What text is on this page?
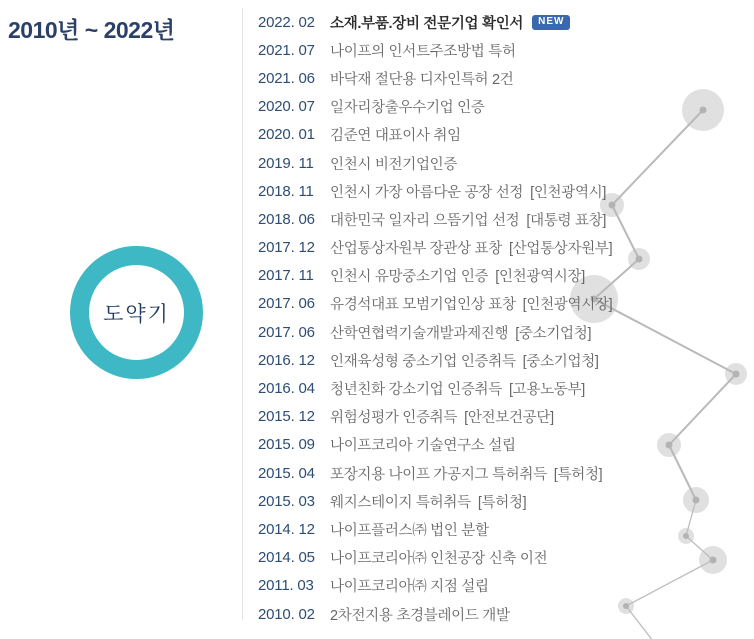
2010년 ~ 2022년
도약기
2022. 02	소재.부품.장비 전문기업 확인서	NEW
2021. 07	나이프의 인서트주조방법 특허
2021. 06	바닥재 절단용 디자인특허 2건
2020. 07	일자리창출우수기업 인증
2020. 01	김준연 대표이사 취임
2019. 11	인천시 비전기업인증
2018. 11	인천시 가장 아름다운 공장 선정 [인천광역시]
2018. 06	대한민국 일자리 으뜸기업 선정 [대통령 표창]
2017. 12	산업통상자원부 장관상 표창 [산업통상자원부]
2017. 11	인천시 유망중소기업 인증 [인천광역시장]
2017. 06	유경석대표 모범기업인상 표창 [인천광역시장]
2017. 06	산학연협력기술개발과제진행 [중소기업청]
2016. 12	인재육성형 중소기업 인증취득 [중소기업청]
2016. 04	청년친화 강소기업 인증취득 [고용노동부]
2015. 12	위험성평가 인증취득 [안전보건공단]
2015. 09	나이프코리아 기술연구소 설립
2015. 04	포장지용 나이프 가공지그 특허취득 [특허청]
2015. 03	웨지스테이지 특허취득 [특허청]
2014. 12	나이프플러스㈜ 법인 분할
2014. 05	나이프코리아㈜ 인천공장 신축 이전
2011. 03	나이프코리아㈜ 지점 설립
2010. 02	2차전지용 초경블레이드 개발
